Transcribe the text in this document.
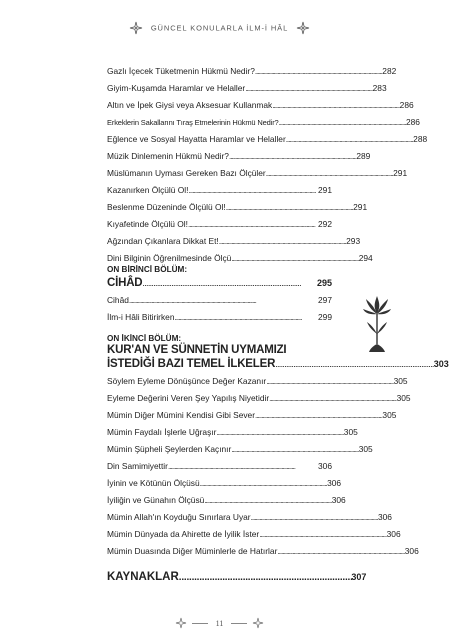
GÜNCEL KONULARLA İLM-İ HÂL
Gazlı İçecek Tüketmenin Hükmü Nedir? . . .	282
Giyim-Kuşamda Haramlar ve Helaller . . .	283
Altın ve İpek Giysi veya Aksesuar Kullanmak . . .	286
Erkeklerin Sakallarını Tıraş Etmelerinin Hükmü Nedir? . . .	286
Eğlence ve Sosyal Hayatta Haramlar ve Helaller . . .	288
Müzik Dinlemenin Hükmü Nedir? . . .	289
Müslümanın Uyması Gereken Bazı Ölçüler . . .	291
Kazanırken Ölçülü Ol! . . .	291
Beslenme Düzeninde Ölçülü Ol! . . .	291
Kıyafetinde Ölçülü Ol! . . .	292
Ağzından Çıkanlara Dikkat Et! . . .	293
Dini Bilginin Öğrenilmesinde Ölçü . . .	294
ON BİRİNCİ BÖLÜM:
CİHÂD . . .	295
Cihâd . . .	297
İlm-i Hâli Bitirirken . . .	299
ON İKİNCİ BÖLÜM:
KUR'AN VE SÜNNETİN UYMAMIZI
İSTEDİĞİ BAZI TEMEL İLKELER . . .	303
Söylem Eyleme Dönüşünce Değer Kazanır . . .	305
Eyleme Değerini Veren Şey Yapılış Niyetidir . . .	305
Mümin Diğer Mümini Kendisi Gibi Sever . . .	305
Mümin Faydalı İşlerle Uğraşır . . .	305
Mümin Şüpheli Şeylerden Kaçınır . . .	305
Din Samimiyettir . . .	306
İyinin ve Kötünün Ölçüsü . . .	306
İyiliğin ve Günahın Ölçüsü . . .	306
Mümin Allah'ın Koyduğu Sınırlara Uyar . . .	306
Mümin Dünyada da Ahirette de İyilik İster . . .	306
Mümin Duasında Diğer Müminlerle de Hatırlar . . .	306
KAYNAKLAR . . .	307
11
